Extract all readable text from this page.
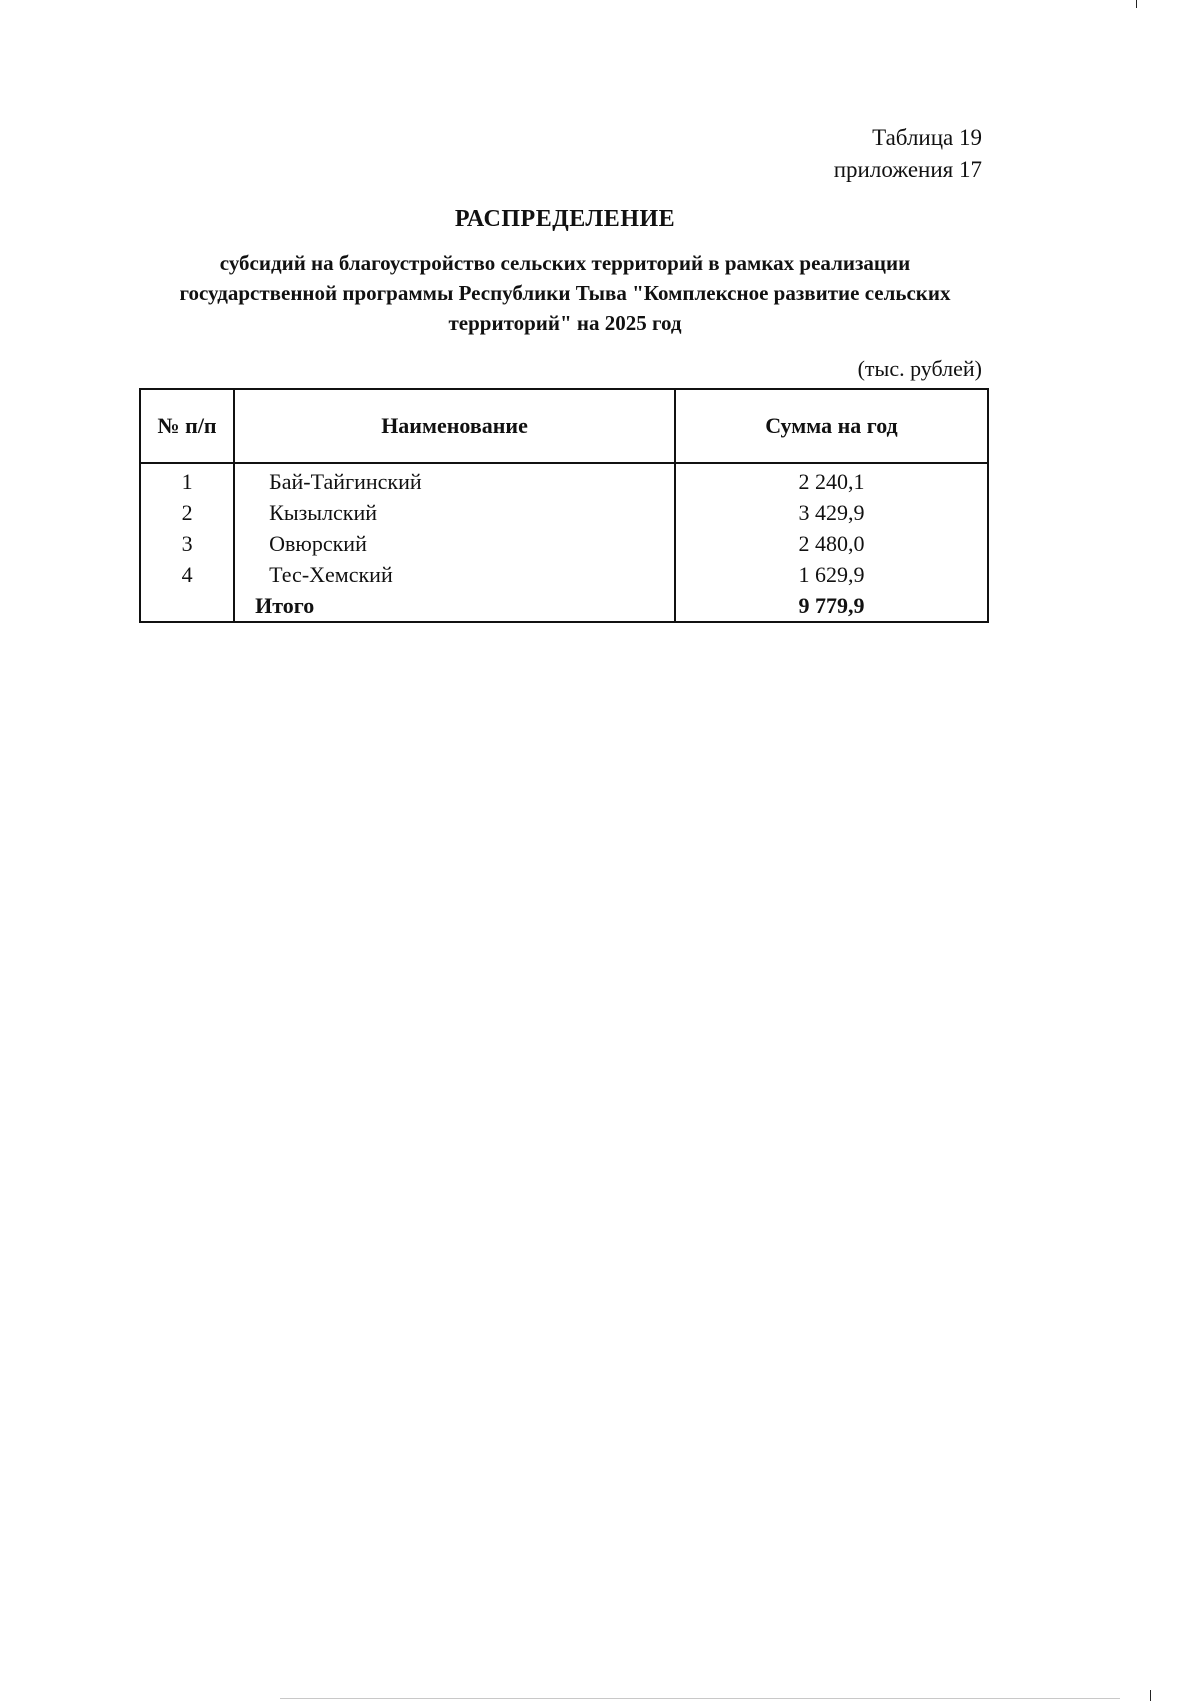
Таблица 19
приложения 17
РАСПРЕДЕЛЕНИЕ
субсидий на благоустройство сельских территорий в рамках реализации
государственной программы Республики Тыва "Комплексное развитие сельских
территорий" на 2025 год
(тыс. рублей)
№ п/п	Наименование	Сумма на год
1	Бай-Тайгинский	2 240,1
2	Кызылский	3 429,9
3	Овюрский	2 480,0
4	Тес-Хемский	1 629,9
	Итого	9 779,9
